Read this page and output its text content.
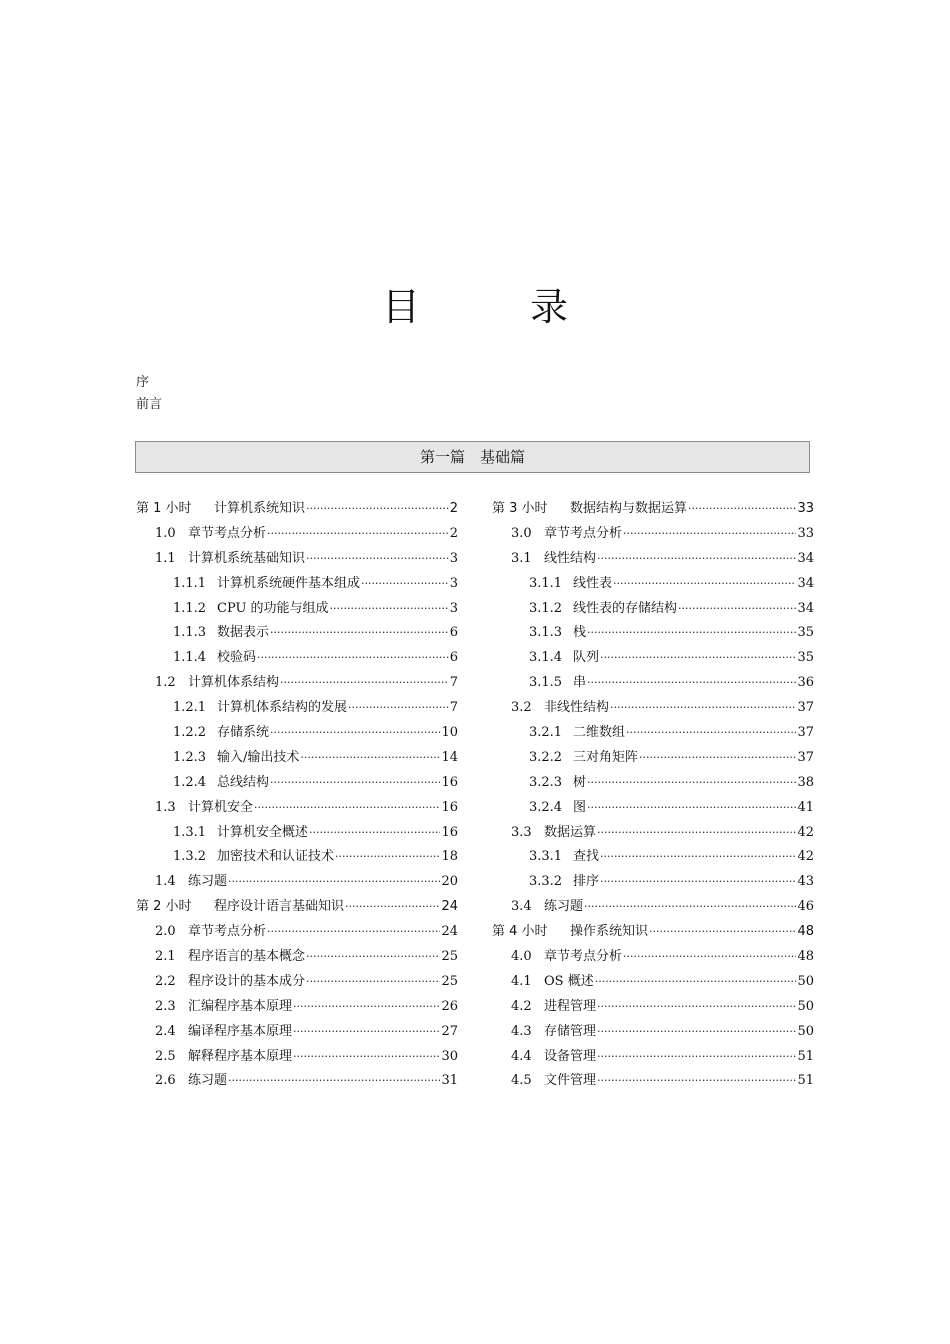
目　录
序
前言
第一篇　基础篇
第 1 小时	计算机系统知识 ·····	2
1.0 章节考点分析 ·····	2
1.1 计算机系统基础知识 ·····	3
1.1.1 计算机系统硬件基本组成 ·····	3
1.1.2 CPU 的功能与组成 ·····	3
1.1.3 数据表示 ·····	6
1.1.4 校验码 ·····	6
1.2 计算机体系结构 ·····	7
1.2.1 计算机体系结构的发展 ·····	7
1.2.2 存储系统 ·····	10
1.2.3 输入/输出技术 ·····	14
1.2.4 总线结构 ·····	16
1.3 计算机安全 ·····	16
1.3.1 计算机安全概述 ·····	16
1.3.2 加密技术和认证技术 ·····	18
1.4 练习题 ·····	20
第 2 小时	程序设计语言基础知识 ·····	24
2.0 章节考点分析 ·····	24
2.1 程序语言的基本概念 ·····	25
2.2 程序设计的基本成分 ·····	25
2.3 汇编程序基本原理 ·····	26
2.4 编译程序基本原理 ·····	27
2.5 解释程序基本原理 ·····	30
2.6 练习题 ·····	31
第 3 小时	数据结构与数据运算 ·····	33
3.0 章节考点分析 ·····	33
3.1 线性结构 ·····	34
3.1.1 线性表 ·····	34
3.1.2 线性表的存储结构 ·····	34
3.1.3 栈 ·····	35
3.1.4 队列 ·····	35
3.1.5 串 ·····	36
3.2 非线性结构 ·····	37
3.2.1 二维数组 ·····	37
3.2.2 三对角矩阵 ·····	37
3.2.3 树 ·····	38
3.2.4 图 ·····	41
3.3 数据运算 ·····	42
3.3.1 查找 ·····	42
3.3.2 排序 ·····	43
3.4 练习题 ·····	46
第 4 小时	操作系统知识 ·····	48
4.0 章节考点分析 ·····	48
4.1 OS 概述 ·····	50
4.2 进程管理 ·····	50
4.3 存储管理 ·····	50
4.4 设备管理 ·····	51
4.5 文件管理 ·····	51
